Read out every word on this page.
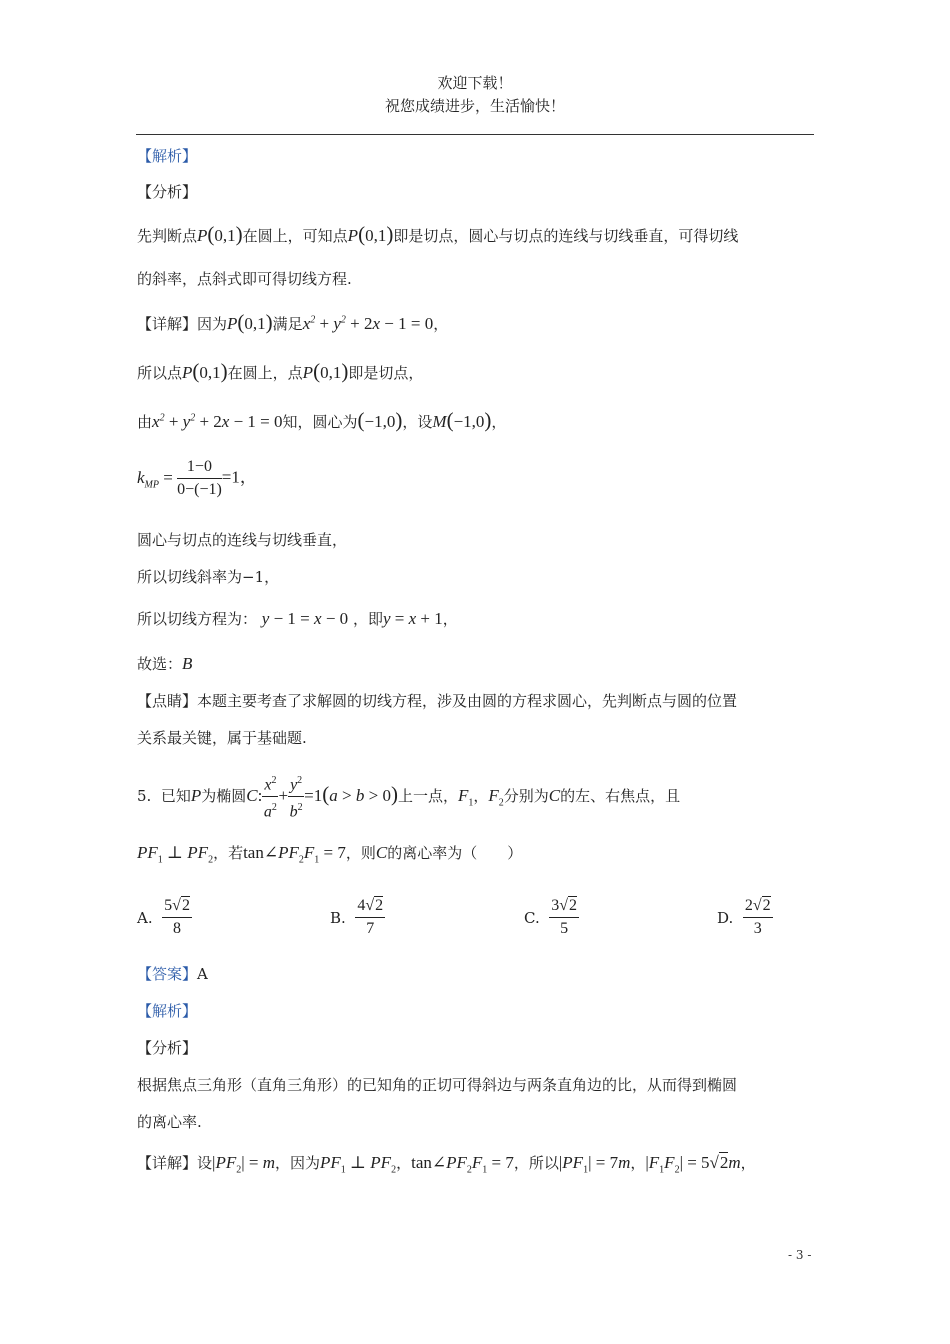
欢迎下载！
祝您成绩进步，生活愉快！
【解析】
【分析】
先判断点P(0,1)在圆上，可知点P(0,1)即是切点，圆心与切点的连线与切线垂直，可得切线
的斜率，点斜式即可得切线方程.
【详解】因为P(0,1)满足$x^2 + y^2 + 2x - 1 = 0$，
所以点P(0,1)在圆上，点P(0,1)即是切点，
由$x^2 + y^2 + 2x - 1 = 0$知，圆心为(−1,0)，设M(−1,0)，
$k_{MP} = \frac{1-0}{0-(-1)} =1$，
圆心与切点的连线与切线垂直，
所以切线斜率为−1，
所以切线方程为： y − 1 = x − 0 ，即y = x + 1，
故选：B
【点睛】本题主要考查了求解圆的切线方程，涉及由圆的方程求圆心，先判断点与圆的位置
关系最关键，属于基础题.
5. 已知P为椭圆C: $\frac{x^2}{a^2} + \frac{y^2}{b^2} =1(a > b > 0)$上一点，$F_1$，$F_2$分别为C的左、右焦点，且
$PF_1$ ⊥ $PF_2$，若$\tan\angle PF_2F_1 = 7$，则C的离心率为（　　）
A. $\frac{5√2}{8}$	B. $\frac{4√2}{7}$	C. $\frac{3√2}{5}$	D. $\frac{2√2}{3}$
【答案】A
【解析】
【分析】
根据焦点三角形（直角三角形）的已知角的正切可得斜边与两条直角边的比，从而得到椭圆
的离心率.
【详解】设$|PF_2| = m$，因为$PF_1$ ⊥ $PF_2$，$\tan\angle PF_2F_1 = 7$，所以$|PF_1| = 7m$，$|F_1F_2| = 5√2m$，
- 3 -
